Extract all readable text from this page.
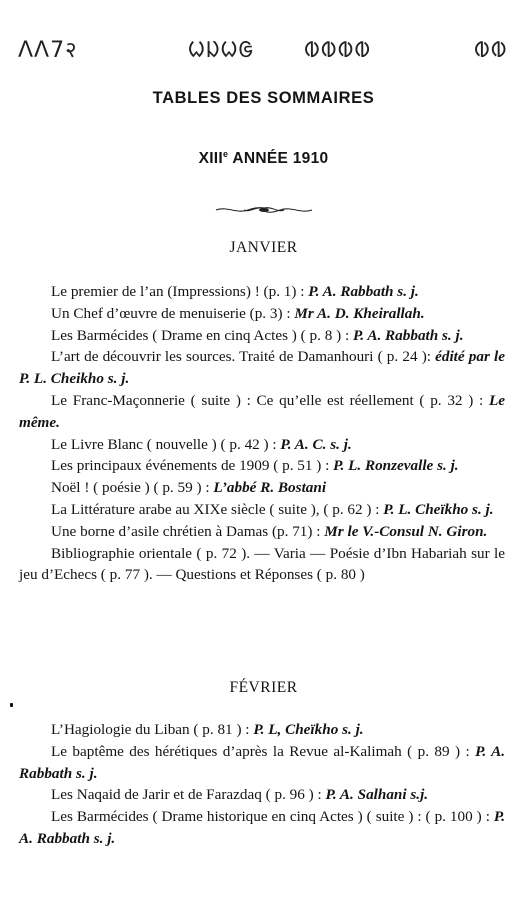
ΛΛ7२	ᱦᱡᱦᱜ ᱵᱵᱵᱵ	ᱵᱵ
TABLES DES SOMMAIRES
XIIIe ANNÉE 1910
JANVIER

Le premier de l’an (Impressions) ! (p. 1) : P. A. Rabbath s. j.

Un Chef d’œuvre de menuiserie (p. 3) : Mr A. D. Kheirallah.

Les Barmécides ( Drame en cinq Actes ) ( p. 8 ) : P. A. Rabbath s. j.

L’art de découvrir les sources. Traité de Damanhouri ( p. 24 ): édité par le P. L. Cheikho s. j.

Le Franc-Maçonnerie ( suite ) : Ce qu’elle est réellement ( p. 32 ) : Le même.

Le Livre Blanc ( nouvelle ) ( p. 42 ) : P. A. C. s. j.

Les principaux événements de 1909 ( p. 51 ) : P. L. Ronzevalle s. j.

Noël ! ( poésie ) ( p. 59 ) : L’abbé R. Bostani

La Littérature arabe au XIXe siècle ( suite ), ( p. 62 ) : P. L. Cheïkho s. j.

Une borne d’asile chrétien à Damas (p. 71) : Mr le V.-Consul N. Giron.

Bibliographie orientale ( p. 72 ). — Varia — Poésie d’Ibn Habariah sur le jeu d’Echecs ( p. 77 ). — Questions et Réponses ( p. 80 )

FÉVRIER

L’Hagiologie du Liban ( p. 81 ) : P. L, Cheïkho s. j.

Le baptême des hérétiques d’après la Revue al-Kalimah ( p. 89 ) : P. A. Rabbath s. j.

Les Naqaid de Jarir et de Farazdaq ( p. 96 ) : P. A. Salhani s.j.

Les Barmécides ( Drame historique en cinq Actes ) ( suite ) : ( p. 100 ) : P. A. Rabbath s. j.
